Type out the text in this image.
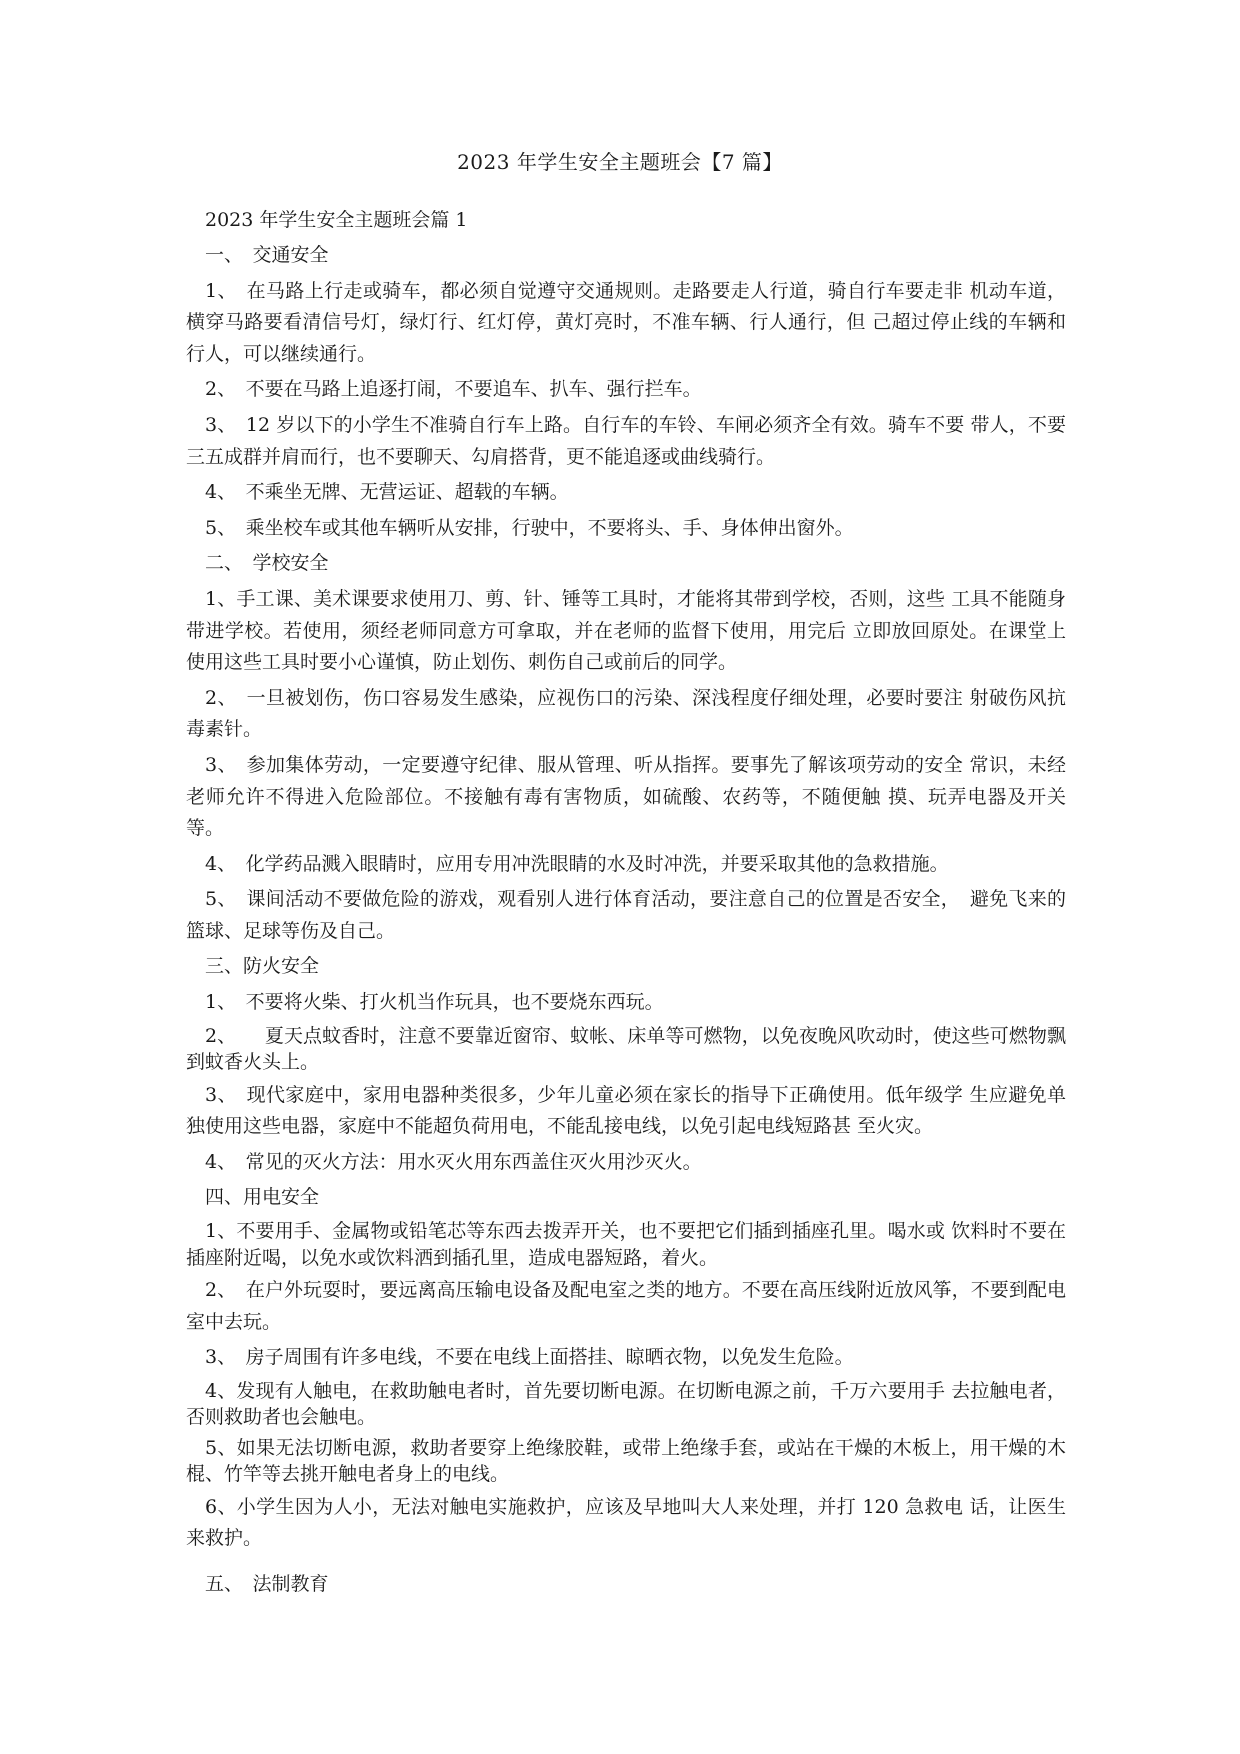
2023 年学生安全主题班会【7 篇】
2023 年学生安全主题班会篇 1

一、　交通安全

1、　在马路上行走或骑车，都必须自觉遵守交通规则。走路要走人行道，骑自行车要走非 机动车道，横穿马路要看清信号灯，绿灯行、红灯停，黄灯亮时，不准车辆、行人通行，但 己超过停止线的车辆和行人，可以继续通行。

2、　不要在马路上追逐打闹，不要追车、扒车、强行拦车。

3、　12 岁以下的小学生不准骑自行车上路。自行车的车铃、车闸必须齐全有效。骑车不要 带人，不要三五成群并肩而行，也不要聊天、勾肩搭背，更不能追逐或曲线骑行。

4、　不乘坐无牌、无营运证、超载的车辆。

5、　乘坐校车或其他车辆听从安排，行驶中，不要将头、手、身体伸出窗外。

二、　学校安全

1、手工课、美术课要求使用刀、剪、针、锤等工具时，才能将其带到学校，否则，这些 工具不能随身带进学校。若使用，须经老师同意方可拿取，并在老师的监督下使用，用完后 立即放回原处。在课堂上使用这些工具时要小心谨慎，防止划伤、刺伤自己或前后的同学。

2、　一旦被划伤，伤口容易发生感染，应视伤口的污染、深浅程度仔细处理，必要时要注 射破伤风抗毒素针。

3、　参加集体劳动，一定要遵守纪律、服从管理、听从指挥。要事先了解该项劳动的安全 常识，未经老师允许不得进入危险部位。不接触有毒有害物质，如硫酸、农药等，不随便触 摸、玩弄电器及开关等。

4、　化学药品溅入眼睛时，应用专用冲洗眼睛的水及时冲洗，并要采取其他的急救措施。

5、　课间活动不要做危险的游戏，观看别人进行体育活动，要注意自己的位置是否安全，　避免飞来的篮球、足球等伤及自己。

三、防火安全

1、　不要将火柴、打火机当作玩具，也不要烧东西玩。

2、　　夏天点蚊香时，注意不要靠近窗帘、蚊帐、床单等可燃物，以免夜晚风吹动时，使这些可燃物飘到蚊香火头上。

3、　现代家庭中，家用电器种类很多，少年儿童必须在家长的指导下正确使用。低年级学 生应避免单独使用这些电器，家庭中不能超负荷用电，不能乱接电线，以免引起电线短路甚 至火灾。

4、　常见的灭火方法：用水灭火用东西盖住灭火用沙灭火。

四、用电安全

1、不要用手、金属物或铅笔芯等东西去拨弄开关，也不要把它们插到插座孔里。喝水或 饮料时不要在插座附近喝，以免水或饮料洒到插孔里，造成电器短路，着火。

2、　在户外玩耍时，要远离高压输电设备及配电室之类的地方。不要在高压线附近放风筝，不要到配电室中去玩。

3、　房子周围有许多电线，不要在电线上面搭挂、晾晒衣物，以免发生危险。

4、发现有人触电，在救助触电者时，首先要切断电源。在切断电源之前，千万六要用手 去拉触电者，否则救助者也会触电。

5、如果无法切断电源，救助者要穿上绝缘胶鞋，或带上绝缘手套，或站在干燥的木板上，用干燥的木棍、竹竿等去挑开触电者身上的电线。

6、小学生因为人小，无法对触电实施救护，应该及早地叫大人来处理，并打 120 急救电 话，让医生来救护。

五、　法制教育
